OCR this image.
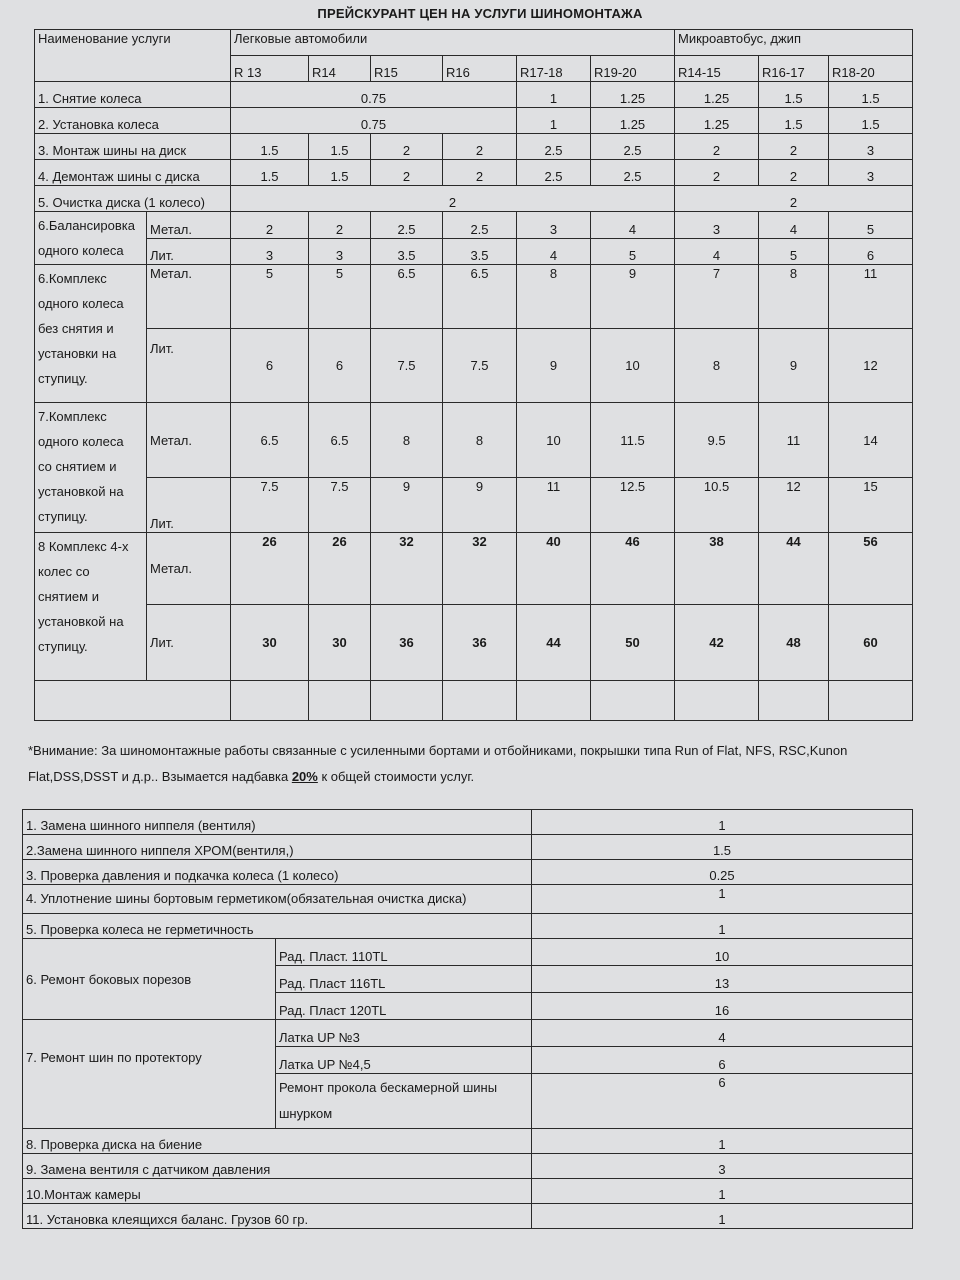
ПРЕЙСКУРАНТ ЦЕН НА УСЛУГИ ШИНОМОНТАЖА
Наименование услуги		Легковые автомобили						Микроавтобус, джип		
		R 13	R14	R15	R16	R17-18	R19-20	R14-15	R16-17	R18-20
1. Снятие колеса		0.75				1	1.25	1.25	1.5	1.5
2. Установка колеса		0.75				1	1.25	1.25	1.5	1.5
3. Монтаж шины на диск		1.5	1.5	2	2	2.5	2.5	2	2	3
4. Демонтаж шины с диска		1.5	1.5	2	2	2.5	2.5	2	2	3
5. Очистка диска (1 колесо)		2						2		

6.Балансировка
одного колеса	Метал.	2	2	2.5	2.5	3	4	3	4	5
	Лит.	3	3	3.5	3.5	4	5	4	5	6

6.Комплекс
одного колеса
без снятия и
установки на
ступицу.	Метал.	5	5	6.5	6.5	8	9	7	8	11
	Лит.	6	6	7.5	7.5	9	10	8	9	12

7.Комплекс
одного колеса
со снятием и
установкой на
ступицу.	Метал.	6.5	6.5	8	8	10	11.5	9.5	11	14
	Лит.	7.5	7.5	9	9	11	12.5	10.5	12	15

8 Комплекс 4-х
колес со
снятием и
установкой на
ступицу.	Метал.	26	26	32	32	40	46	38	44	56
	Лит.	30	30	36	36	44	50	42	48	60

*Внимание: За шиномонтажные работы связанные с усиленными бортами и отбойниками, покрышки типа Run of Flat, NFS, RSC,Kunon Flat,DSS,DSST и д.р.. Взымается надбавка 20% к общей стоимости услуг.
1. Замена шинного ниппеля (вентиля)		1
2.Замена шинного ниппеля ХРОМ(вентиля,)		1.5
3. Проверка давления и подкачка колеса (1 колесо)		0.25
4. Уплотнение шины бортовым герметиком(обязательная очистка диска)		1
5. Проверка колеса не герметичность		1
6. Ремонт боковых порезов	Рад. Пласт. 110TL	10
	Рад. Пласт 116TL	13
	Рад. Пласт 120TL	16
7. Ремонт шин по протектору	Латка UP №3	4
	Латка UP №4,5	6
	Ремонт прокола бескамерной шины шнурком	6
8. Проверка диска на биение		1
9. Замена вентиля с датчиком давления		3
10.Монтаж камеры		1
11. Установка клеящихся баланс. Грузов 60 гр.		1
